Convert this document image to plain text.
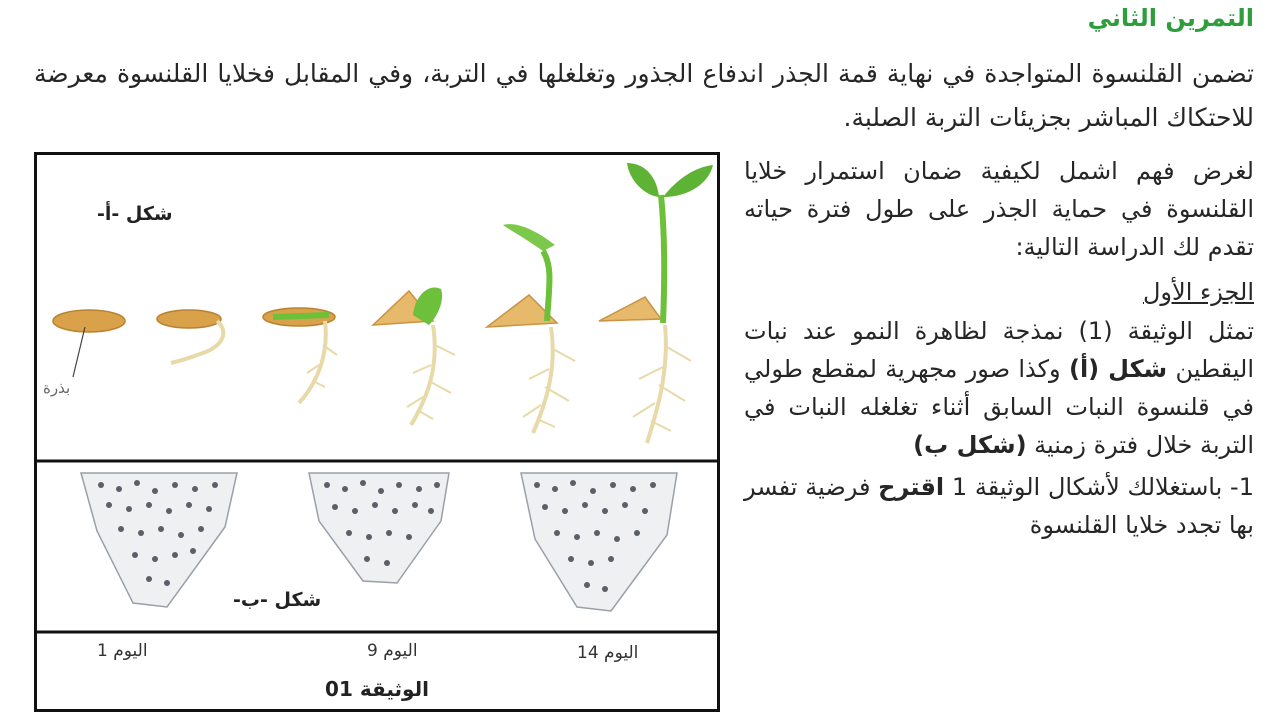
التمرين الثاني
تضمن القلنسوة المتواجدة في نهاية قمة الجذر اندفاع الجذور وتغلغلها في التربة، وفي المقابل فخلايا القلنسوة معرضة للاحتكاك المباشر بجزيئات التربة الصلبة.

لغرض فهم اشمل لكيفية ضمان استمرار خلايا القلنسوة في حماية الجذر على طول فترة حياته تقدم لك الدراسة التالية:

الجزء الأول

تمثل الوثيقة (1) نمذجة لظاهرة النمو عند نبات اليقطين شكل (أ) وكذا صور مجهرية لمقطع طولي في قلنسوة النبات السابق أثناء تغلغله النبات في التربة خلال فترة زمنية (شكل ب)

1- باستغلالك لأشكال الوثيقة 1 اقترح فرضية تفسر بها تجدد خلايا القلنسوة

شكل -أ-
بذرة
شكل -ب-
اليوم 1	اليوم 9	اليوم 14
الوثيقة 01
